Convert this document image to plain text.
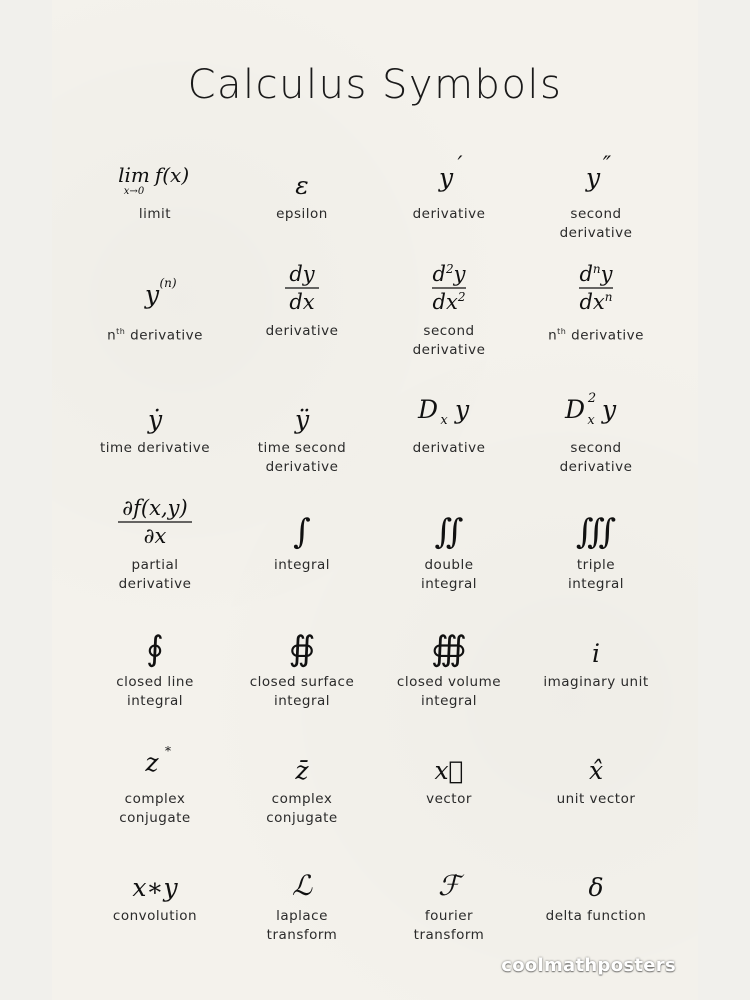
Calculus Symbols
lim
x→0
f(x)
limit
ε
epsilon
y ′
derivative
y ″
second
derivative
y (n)
$n^{th}$ derivative
dy
dx
derivative
$d^2y$
$dx^2$
second
derivative
$d^ny$
$dx^n$
$n^{th}$ derivative
ẏ
time derivative
ÿ
time second
derivative
D x y
derivative
D x
2 y
second
derivative
∂f(x,y)
∂x
partial
derivative
∫
integral
∬
double
integral
∭
triple
integral
∮
closed line
integral
∯
closed surface
integral
∰
closed volume
integral
i
imaginary unit
z *
complex
conjugate
z̄
complex
conjugate
x⃗
vector
x̂
unit vector
x∗y
convolution
ℒ
laplace
transform
ℱ
fourier
transform
δ
delta function
coolmathposters
